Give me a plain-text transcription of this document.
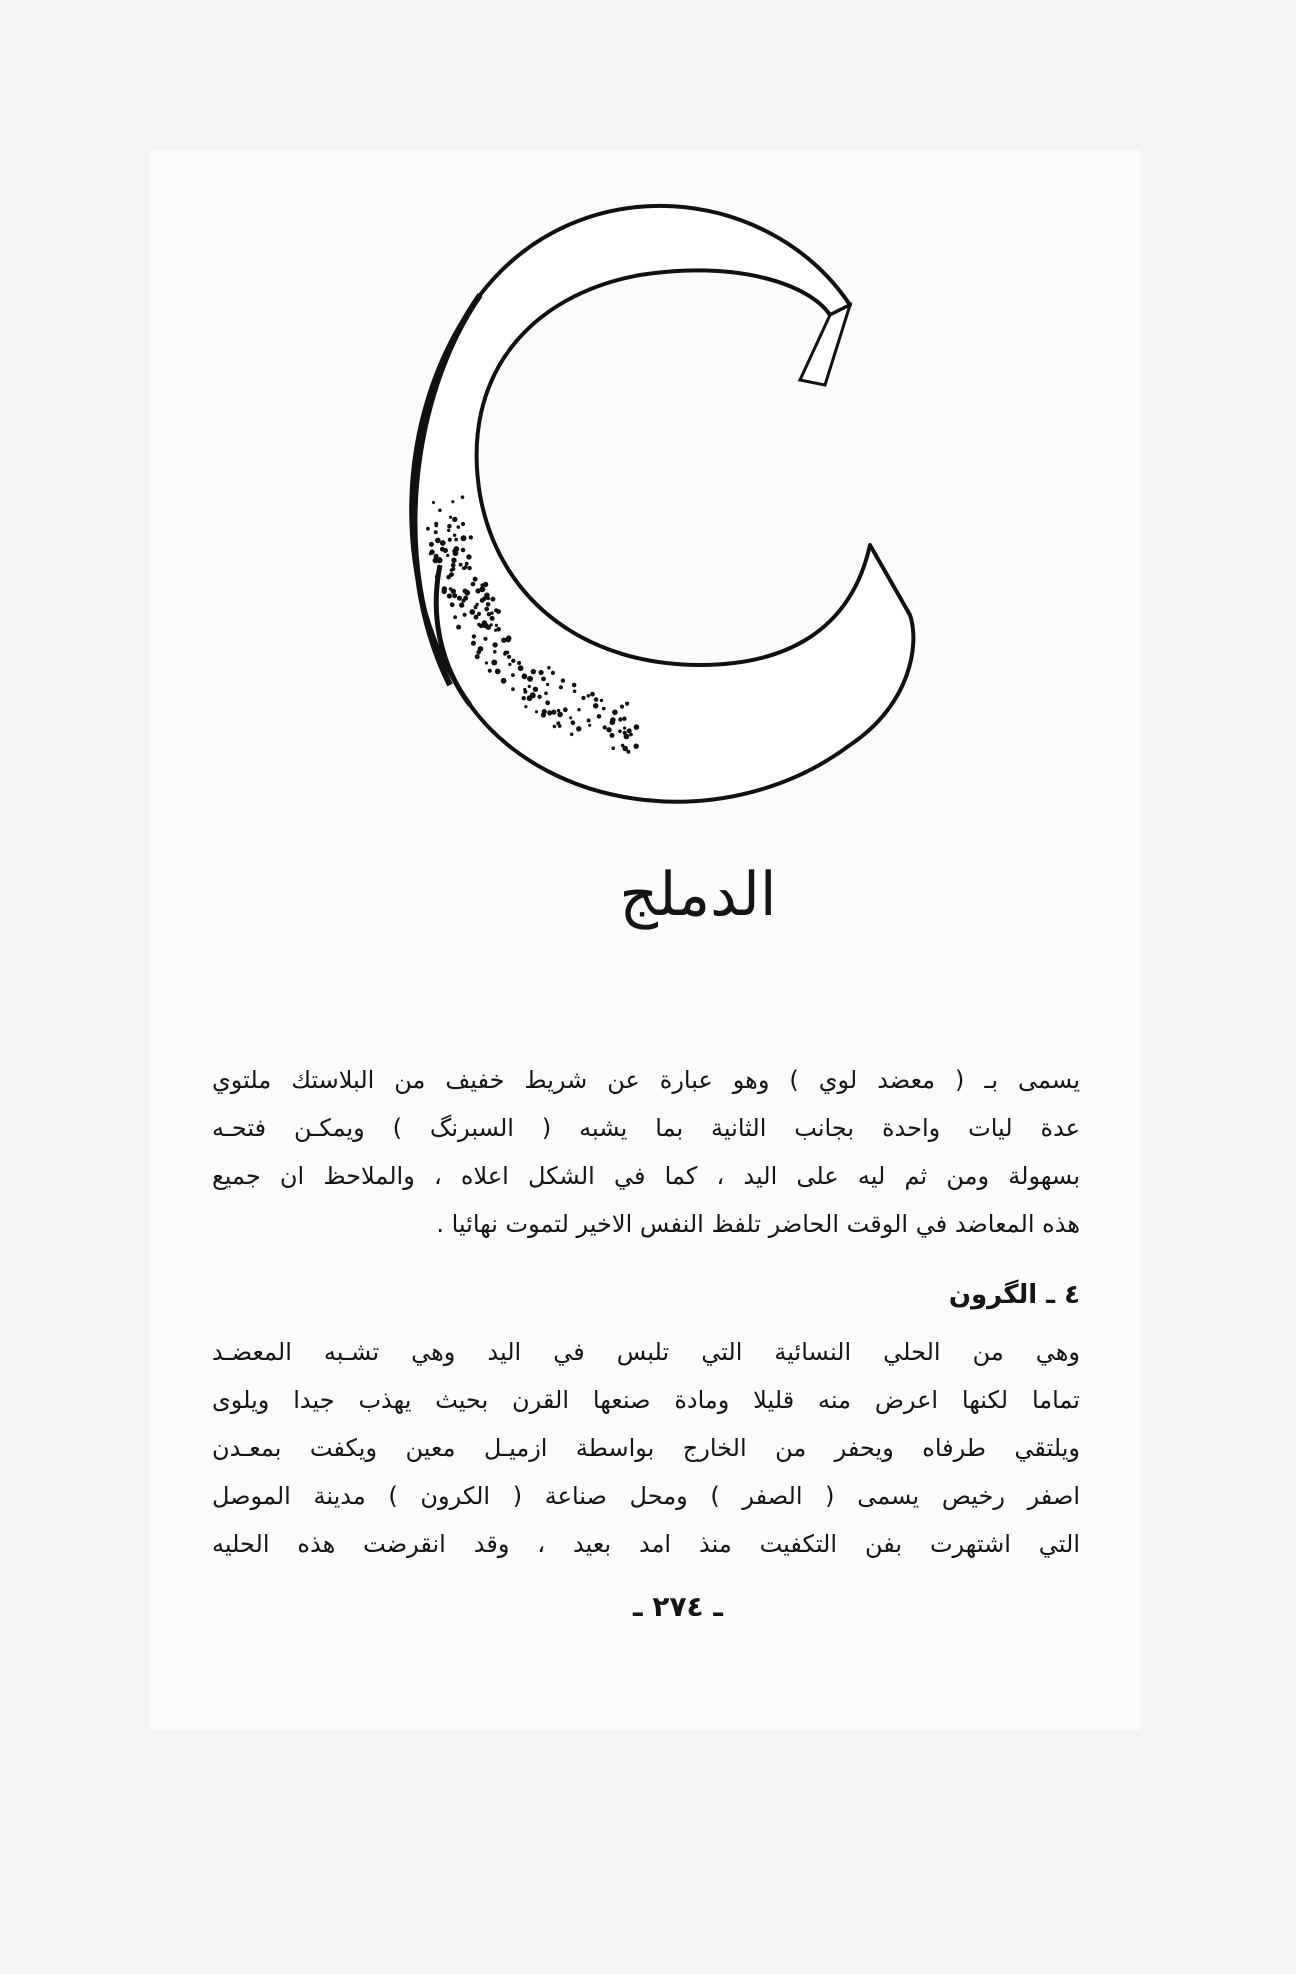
الدملج
يسمى بـ ( معضد لوي ) وهو عبارة عن شريط خفيف من البلاستك ملتوي
عدة ليات واحدة بجانب الثانية بما يشبه ( السبرنگ ) ويمكـن فتحـه
بسهولة ومن ثم ليه على اليد ، كما في الشكل اعلاه ، والملاحظ ان جميع
هذه المعاضد في الوقت الحاضر تلفظ النفس الاخير لتموت نهائيا .
٤ ـ الگرون
وهي من الحلي النسائية التي تلبس في اليد وهي تشـبه المعضـد
تماما لكنها اعرض منه قليلا ومادة صنعها القرن بحيث يهذب جيدا ويلوى
ويلتقي طرفاه ويحفر من الخارج بواسطة ازميـل معين ويكفت بمعـدن
اصفر رخيص يسمى ( الصفر ) ومحل صناعة ( الكرون ) مدينة الموصل
التي اشتهرت بفن التكفيت منذ امد بعيد ، وقد انقرضت هذه الحليه
ـ ٢٧٤ ـ
